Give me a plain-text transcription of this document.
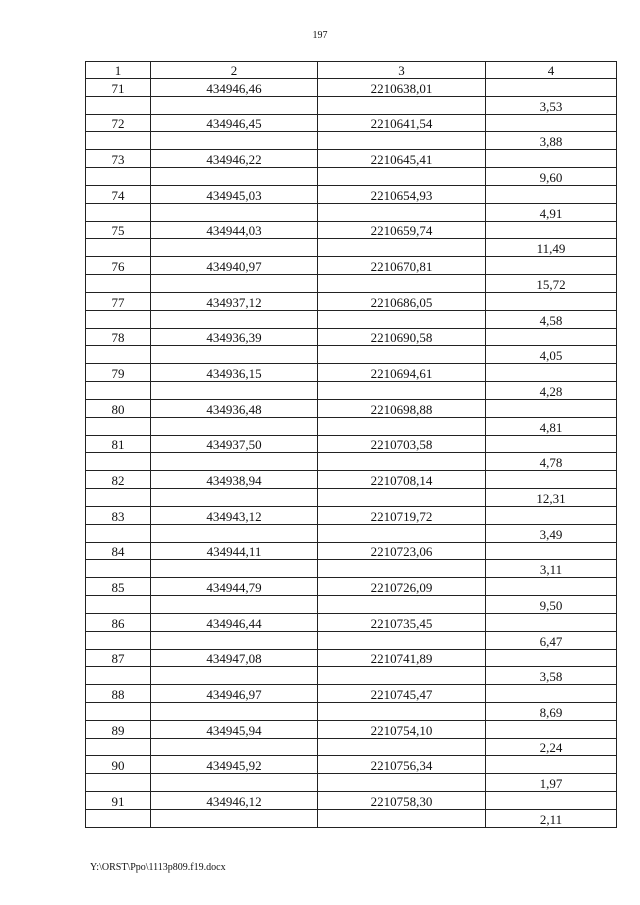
197
1	2	3	4
71	434946,46	2210638,01	
			3,53
72	434946,45	2210641,54	
			3,88
73	434946,22	2210645,41	
			9,60
74	434945,03	2210654,93	
			4,91
75	434944,03	2210659,74	
			11,49
76	434940,97	2210670,81	
			15,72
77	434937,12	2210686,05	
			4,58
78	434936,39	2210690,58	
			4,05
79	434936,15	2210694,61	
			4,28
80	434936,48	2210698,88	
			4,81
81	434937,50	2210703,58	
			4,78
82	434938,94	2210708,14	
			12,31
83	434943,12	2210719,72	
			3,49
84	434944,11	2210723,06	
			3,11
85	434944,79	2210726,09	
			9,50
86	434946,44	2210735,45	
			6,47
87	434947,08	2210741,89	
			3,58
88	434946,97	2210745,47	
			8,69
89	434945,94	2210754,10	
			2,24
90	434945,92	2210756,34	
			1,97
91	434946,12	2210758,30	
			2,11
Y:\ORST\Ppo\1113p809.f19.docx
